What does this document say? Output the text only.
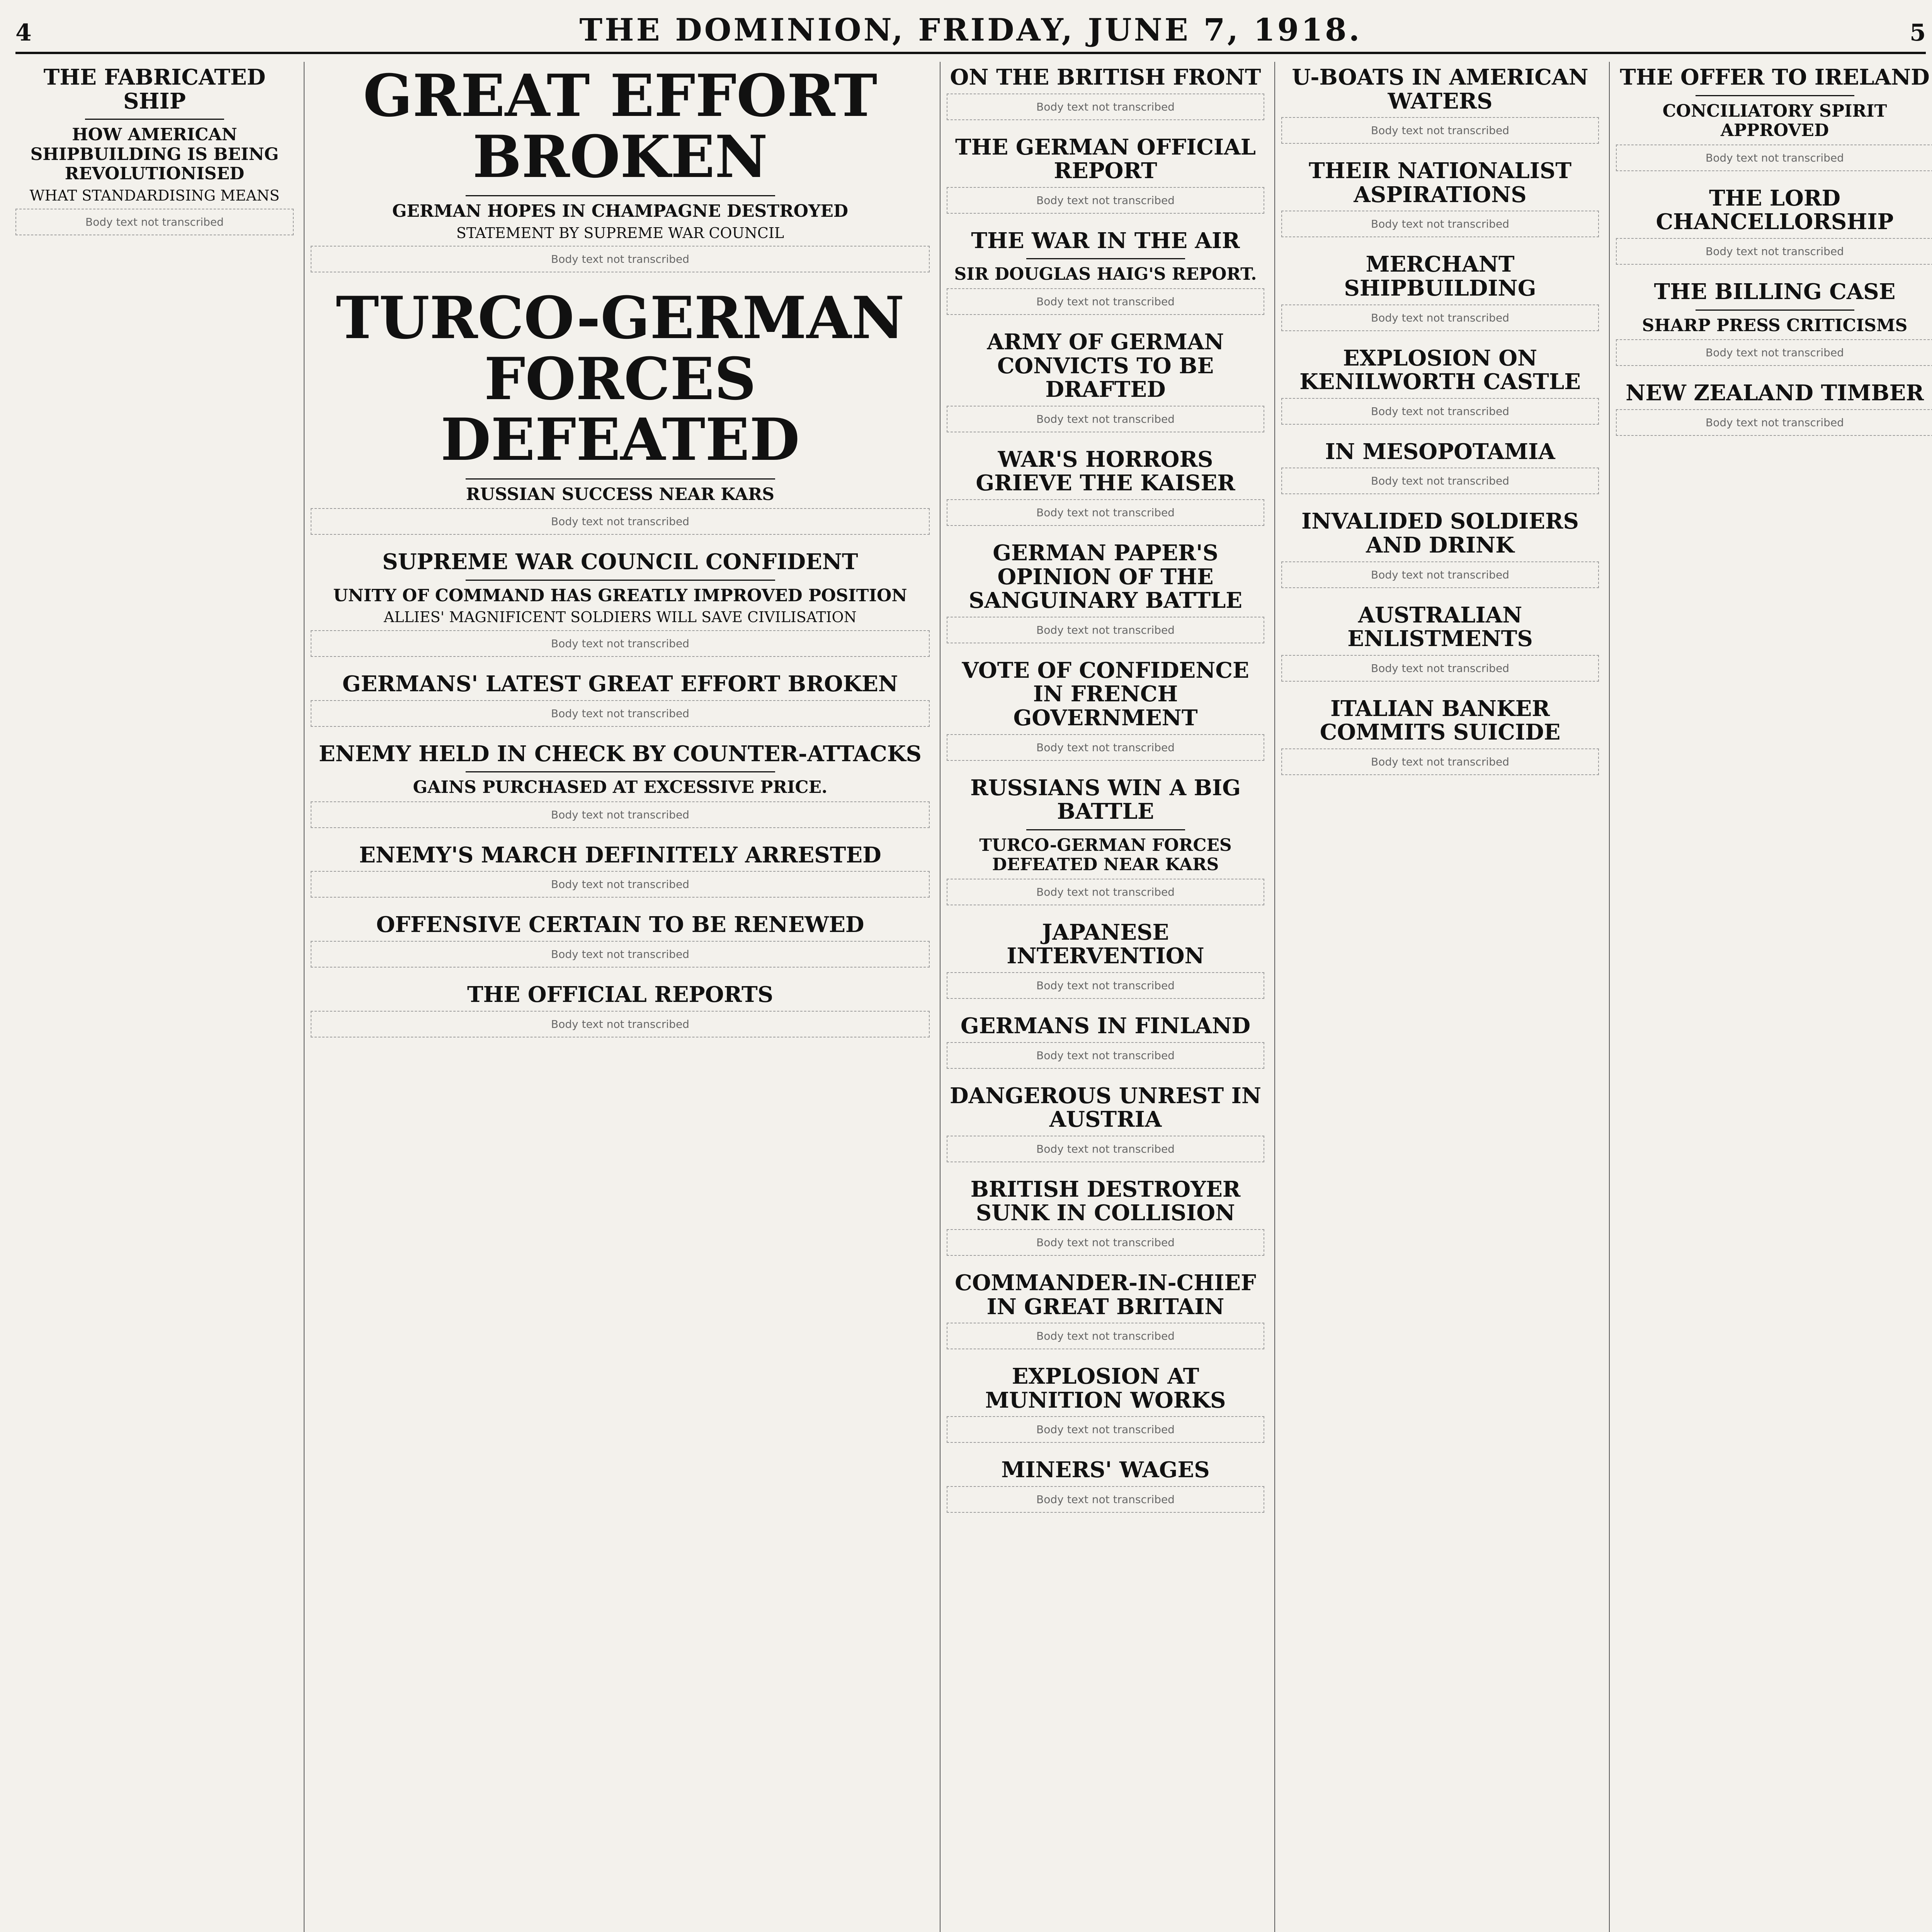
4	THE DOMINION, FRIDAY, JUNE 7, 1918.	5
THE FABRICATED SHIP
HOW AMERICAN SHIPBUILDING IS BEING REVOLUTIONISED
WHAT STANDARDISING MEANS
Body text not transcribed
GREAT EFFORT BROKEN
GERMAN HOPES IN CHAMPAGNE DESTROYED
STATEMENT BY SUPREME WAR COUNCIL
Body text not transcribed
TURCO-GERMAN FORCES DEFEATED
RUSSIAN SUCCESS NEAR KARS
Body text not transcribed
SUPREME WAR COUNCIL CONFIDENT
UNITY OF COMMAND HAS GREATLY IMPROVED POSITION
ALLIES' MAGNIFICENT SOLDIERS WILL SAVE CIVILISATION
Body text not transcribed
GERMANS' LATEST GREAT EFFORT BROKEN
Body text not transcribed
ENEMY HELD IN CHECK BY COUNTER-ATTACKS
GAINS PURCHASED AT EXCESSIVE PRICE.
Body text not transcribed
ENEMY'S MARCH DEFINITELY ARRESTED
Body text not transcribed
OFFENSIVE CERTAIN TO BE RENEWED
Body text not transcribed
THE OFFICIAL REPORTS
Body text not transcribed
ON THE BRITISH FRONT
Body text not transcribed
THE GERMAN OFFICIAL REPORT
Body text not transcribed
THE WAR IN THE AIR
SIR DOUGLAS HAIG'S REPORT.
Body text not transcribed
ARMY OF GERMAN CONVICTS TO BE DRAFTED
Body text not transcribed
WAR'S HORRORS GRIEVE THE KAISER
Body text not transcribed
GERMAN PAPER'S OPINION OF THE SANGUINARY BATTLE
Body text not transcribed
VOTE OF CONFIDENCE IN FRENCH GOVERNMENT
Body text not transcribed
RUSSIANS WIN A BIG BATTLE
TURCO-GERMAN FORCES DEFEATED NEAR KARS
Body text not transcribed
JAPANESE INTERVENTION
Body text not transcribed
GERMANS IN FINLAND
Body text not transcribed
DANGEROUS UNREST IN AUSTRIA
Body text not transcribed
BRITISH DESTROYER SUNK IN COLLISION
Body text not transcribed
COMMANDER-IN-CHIEF IN GREAT BRITAIN
Body text not transcribed
EXPLOSION AT MUNITION WORKS
Body text not transcribed
MINERS' WAGES
Body text not transcribed
U-BOATS IN AMERICAN WATERS
Body text not transcribed
THEIR NATIONALIST ASPIRATIONS
Body text not transcribed
MERCHANT SHIPBUILDING
Body text not transcribed
EXPLOSION ON KENILWORTH CASTLE
Body text not transcribed
IN MESOPOTAMIA
Body text not transcribed
INVALIDED SOLDIERS AND DRINK
Body text not transcribed
AUSTRALIAN ENLISTMENTS
Body text not transcribed
ITALIAN BANKER COMMITS SUICIDE
Body text not transcribed
THE OFFER TO IRELAND
CONCILIATORY SPIRIT APPROVED
Body text not transcribed
THE LORD CHANCELLORSHIP
Body text not transcribed
THE BILLING CASE
SHARP PRESS CRITICISMS
Body text not transcribed
NEW ZEALAND TIMBER
Body text not transcribed
